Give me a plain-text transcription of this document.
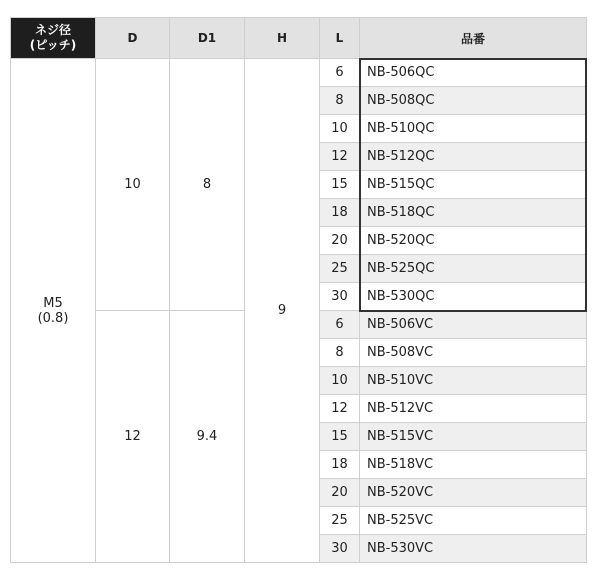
ネジ径
(ピッチ)	D	D1	H	L	品番
M5
(0.8)	10	8	9	6	NB-506QC
				8	NB-508QC
				10	NB-510QC
				12	NB-512QC
				15	NB-515QC
				18	NB-518QC
				20	NB-520QC
				25	NB-525QC
				30	NB-530QC
	12	9.4		6	NB-506VC
				8	NB-508VC
				10	NB-510VC
				12	NB-512VC
				15	NB-515VC
				18	NB-518VC
				20	NB-520VC
				25	NB-525VC
				30	NB-530VC
